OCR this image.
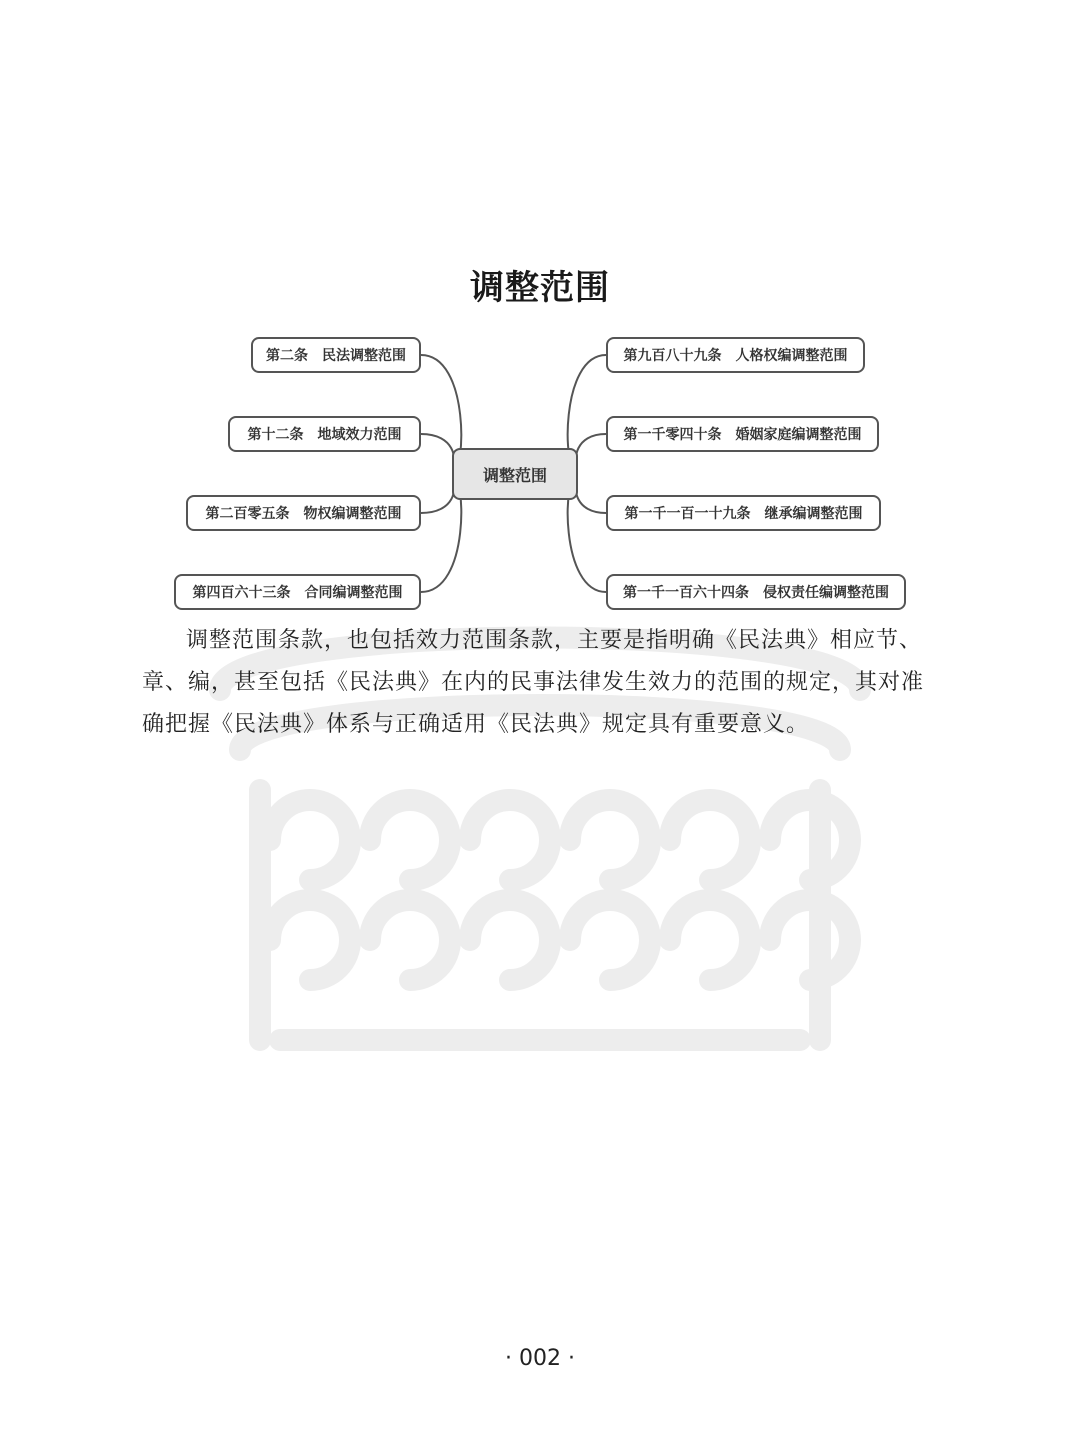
调整范围
调整范围
第二条　民法调整范围
第十二条　地域效力范围
第二百零五条　物权编调整范围
第四百六十三条　合同编调整范围
第九百八十九条　人格权编调整范围
第一千零四十条　婚姻家庭编调整范围
第一千一百一十九条　继承编调整范围
第一千一百六十四条　侵权责任编调整范围

调整范围条款，也包括效力范围条款，主要是指明确《民法典》相应节、章、编，甚至包括《民法典》在内的民事法律发生效力的范围的规定，其对准确把握《民法典》体系与正确适用《民法典》规定具有重要意义。

· 002 ·
